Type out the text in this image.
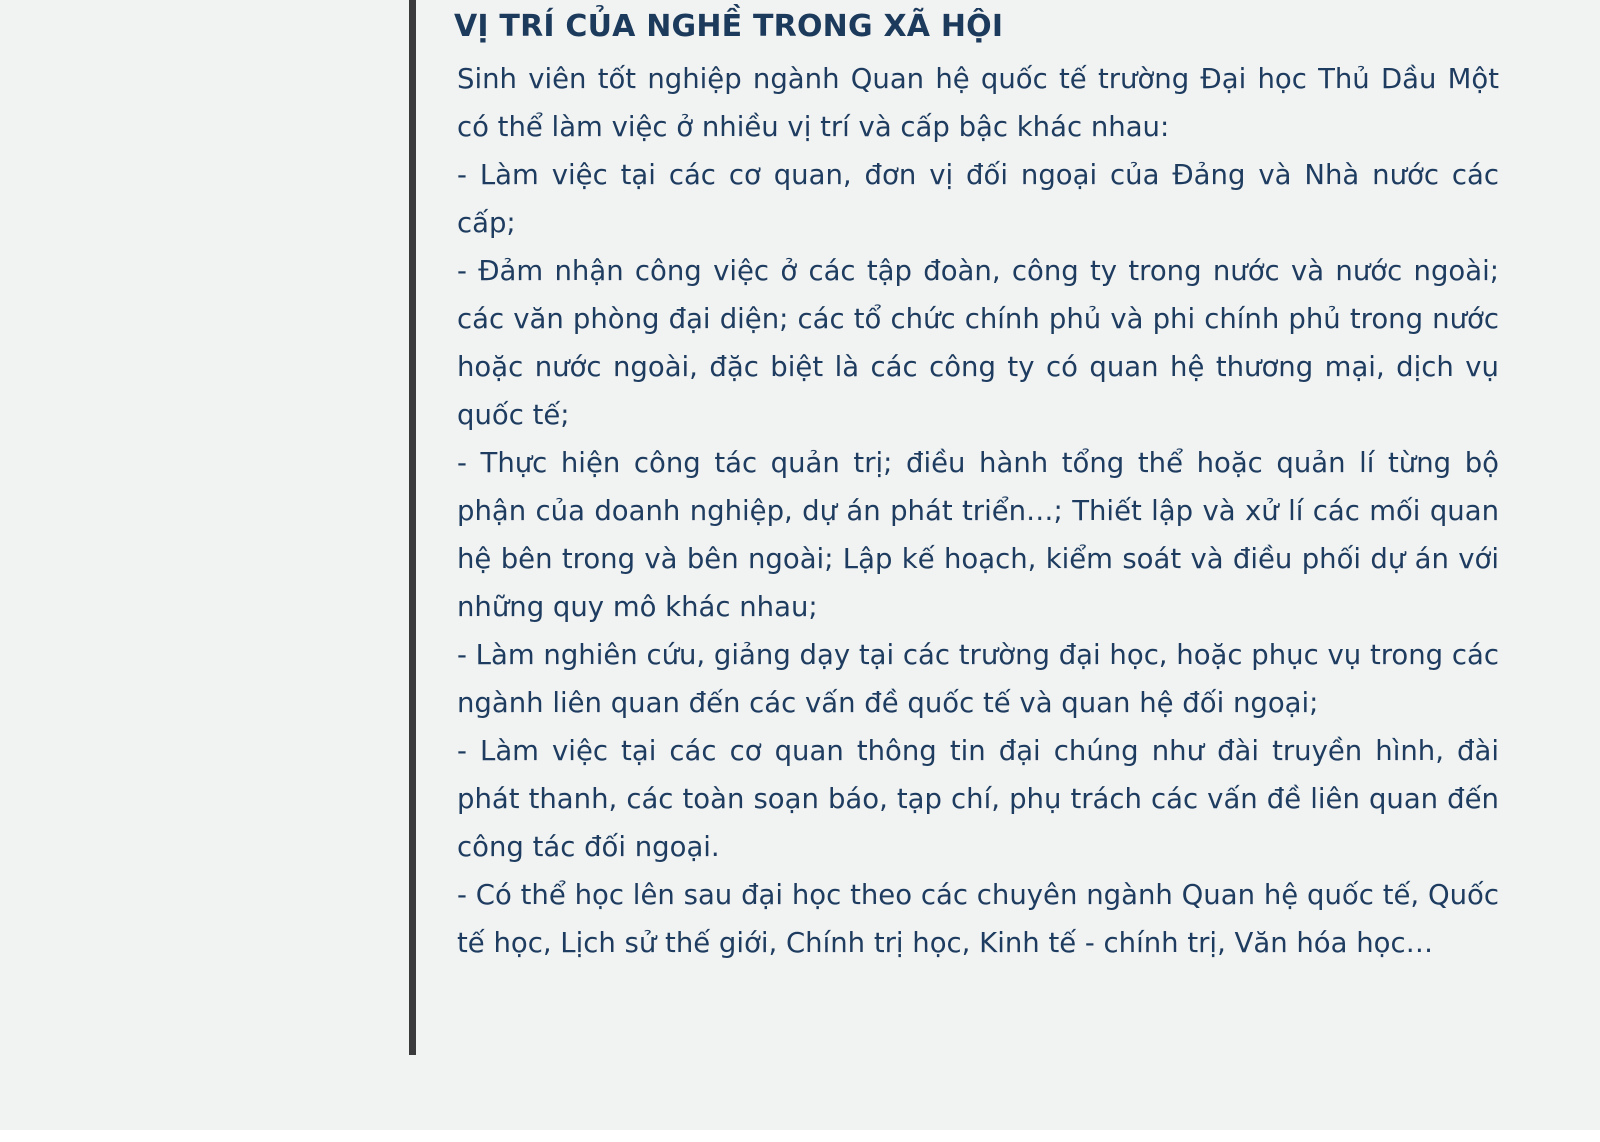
VỊ TRÍ CỦA NGHỀ TRONG XÃ HỘI

Sinh viên tốt nghiệp ngành Quan hệ quốc tế trường Đại học Thủ Dầu Một có thể làm việc ở nhiều vị trí và cấp bậc khác nhau:

- Làm việc tại các cơ quan, đơn vị đối ngoại của Đảng và Nhà nước các cấp;

- Đảm nhận công việc ở các tập đoàn, công ty trong nước và nước ngoài; các văn phòng đại diện; các tổ chức chính phủ và phi chính phủ trong nước hoặc nước ngoài, đặc biệt là các công ty có quan hệ thương mại, dịch vụ quốc tế;

- Thực hiện công tác quản trị; điều hành tổng thể hoặc quản lí từng bộ phận của doanh nghiệp, dự án phát triển…; Thiết lập và xử lí các mối quan hệ bên trong và bên ngoài; Lập kế hoạch, kiểm soát và điều phối dự án với những quy mô khác nhau;

- Làm nghiên cứu, giảng dạy tại các trường đại học, hoặc phục vụ trong các ngành liên quan đến các vấn đề quốc tế và quan hệ đối ngoại;

- Làm việc tại các cơ quan thông tin đại chúng như đài truyền hình, đài phát thanh, các toàn soạn báo, tạp chí, phụ trách các vấn đề liên quan đến công tác đối ngoại.

- Có thể học lên sau đại học theo các chuyên ngành Quan hệ quốc tế, Quốc tế học, Lịch sử thế giới, Chính trị học, Kinh tế - chính trị, Văn hóa học…
